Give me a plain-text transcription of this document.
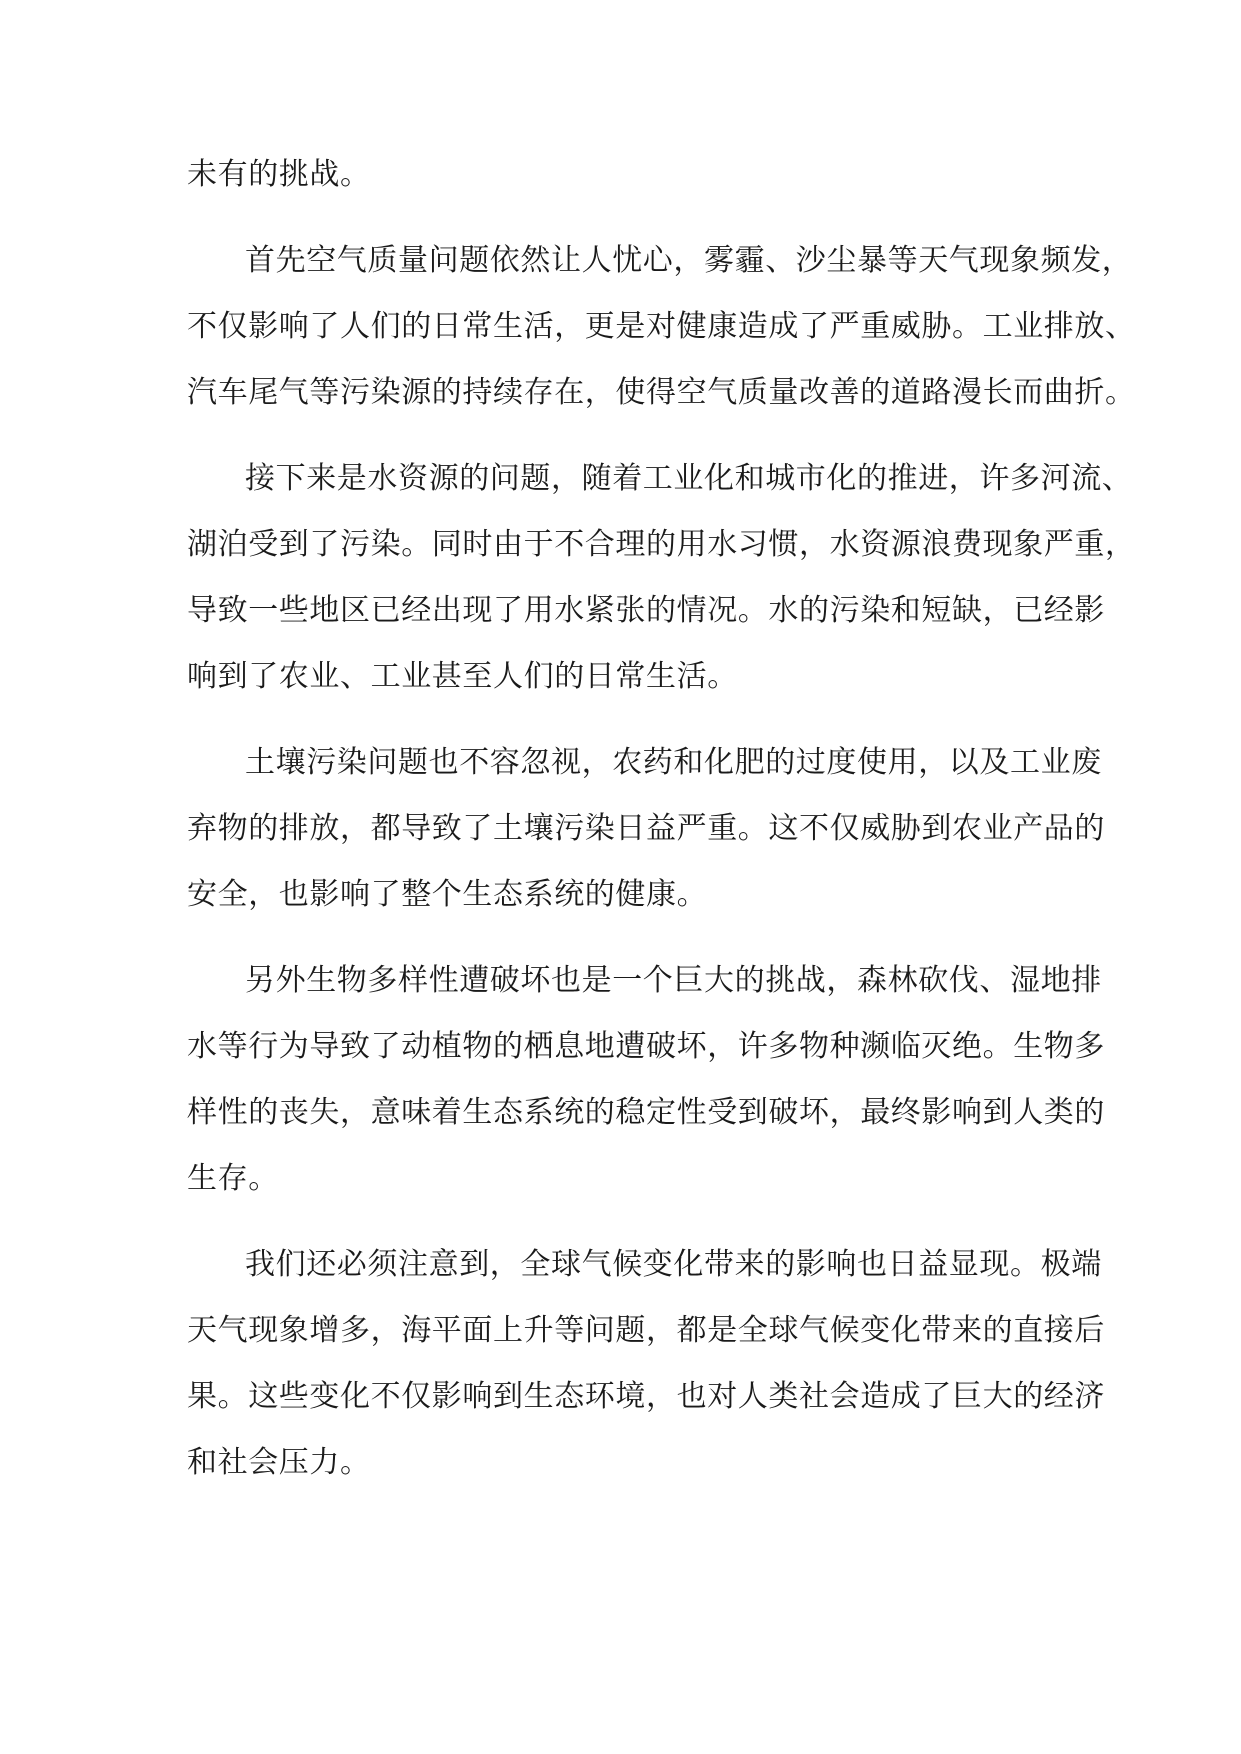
未有的挑战。
首先空气质量问题依然让人忧心，雾霾、沙尘暴等天气现象频发，
不仅影响了人们的日常生活，更是对健康造成了严重威胁。工业排放、
汽车尾气等污染源的持续存在，使得空气质量改善的道路漫长而曲折。
接下来是水资源的问题，随着工业化和城市化的推进，许多河流、
湖泊受到了污染。同时由于不合理的用水习惯，水资源浪费现象严重，
导致一些地区已经出现了用水紧张的情况。水的污染和短缺，已经影
响到了农业、工业甚至人们的日常生活。
土壤污染问题也不容忽视，农药和化肥的过度使用，以及工业废
弃物的排放，都导致了土壤污染日益严重。这不仅威胁到农业产品的
安全，也影响了整个生态系统的健康。
另外生物多样性遭破坏也是一个巨大的挑战，森林砍伐、湿地排
水等行为导致了动植物的栖息地遭破坏，许多物种濒临灭绝。生物多
样性的丧失，意味着生态系统的稳定性受到破坏，最终影响到人类的
生存。
我们还必须注意到，全球气候变化带来的影响也日益显现。极端
天气现象增多，海平面上升等问题，都是全球气候变化带来的直接后
果。这些变化不仅影响到生态环境，也对人类社会造成了巨大的经济
和社会压力。
